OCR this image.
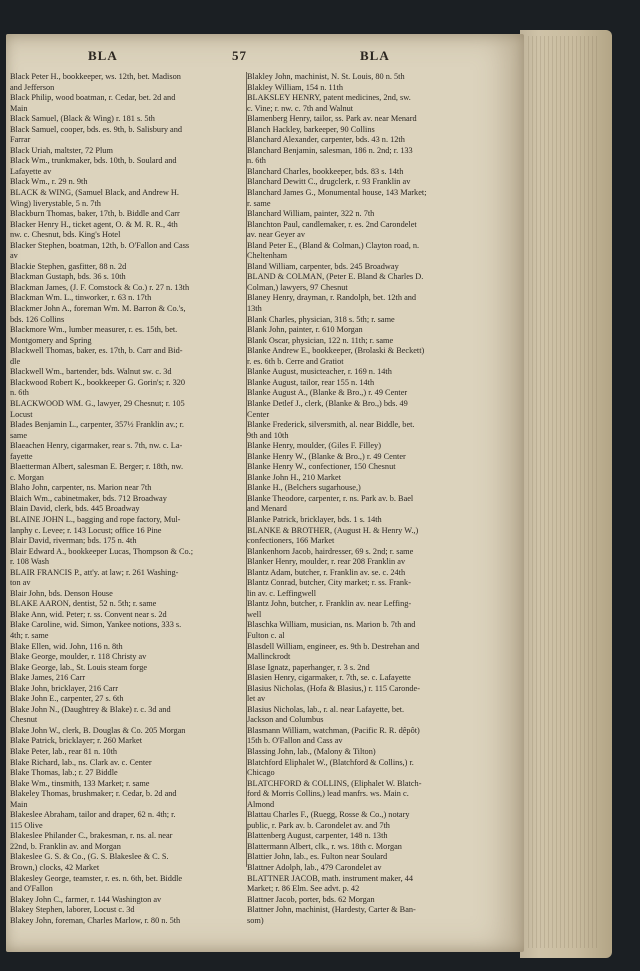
BLA	57	BLA
Black Peter H., bookkeeper, ws. 12th, bet. Madison
and Jefferson
Black Philip, wood boatman, r. Cedar, bet. 2d and
Main
Black Samuel, (Black & Wing) r. 181 s. 5th
Black Samuel, cooper, bds. es. 9th, b. Salisbury and
Farrar
Black Uriah, maltster, 72 Plum
Black Wm., trunkmaker, bds. 10th, b. Soulard and
Lafayette av
Black Wm., r. 29 n. 9th
BLACK & WING, (Samuel Black, and Andrew H.
Wing) liverystable, 5 n. 7th
Blackburn Thomas, baker, 17th, b. Biddle and Carr
Blacker Henry H., ticket agent, O. & M. R. R., 4th
nw. c. Chesnut, bds. King's Hotel
Blacker Stephen, boatman, 12th, b. O'Fallon and Cass
av
Blackie Stephen, gasfitter, 88 n. 2d
Blackman Gustaph, bds. 36 s. 10th
Blackman James, (J. F. Comstock & Co.) r. 27 n. 13th
Blackman Wm. L., tinworker, r. 63 n. 17th
Blackmer John A., foreman Wm. M. Barron & Co.'s,
bds. 126 Collins
Blackmore Wm., lumber measurer, r. es. 15th, bet.
Montgomery and Spring
Blackwell Thomas, baker, es. 17th, b. Carr and Bid-
dle
Blackwell Wm., bartender, bds. Walnut sw. c. 3d
Blackwood Robert K., bookkeeper G. Gorin's; r. 320
n. 6th
BLACKWOOD WM. G., lawyer, 29 Chesnut; r. 105
Locust
Blades Benjamin L., carpenter, 357½ Franklin av.; r.
same
Blaeachen Henry, cigarmaker, rear s. 7th, nw. c. La-
fayette
Blaetterman Albert, salesman E. Berger; r. 18th, nw.
c. Morgan
Blaho John, carpenter, ns. Marion near 7th
Blaich Wm., cabinetmaker, bds. 712 Broadway
Blain David, clerk, bds. 445 Broadway
BLAINE JOHN L., bagging and rope factory, Mul-
lanphy c. Levee; r. 143 Locust; office 16 Pine
Blair David, riverman; bds. 175 n. 4th
Blair Edward A., bookkeeper Lucas, Thompson & Co.;
r. 108 Wash
BLAIR FRANCIS P., att'y. at law; r. 261 Washing-
ton av
Blair John, bds. Denson House
BLAKE AARON, dentist, 52 n. 5th; r. same
Blake Ann, wid. Peter; r. ss. Convent near s. 2d
Blake Caroline, wid. Simon, Yankee notions, 333 s.
4th; r. same
Blake Ellen, wid. John, 116 n. 8th
Blake George, moulder, r. 118 Christy av
Blake George, lab., St. Louis steam forge
Blake James, 216 Carr
Blake John, bricklayer, 216 Carr
Blake John E., carpenter, 27 s. 6th
Blake John N., (Daughtrey & Blake) r. c. 3d and
Chesnut
Blake John W., clerk, B. Douglas & Co. 205 Morgan
Blake Patrick, bricklayer; r. 260 Market
Blake Peter, lab., rear 81 n. 10th
Blake Richard, lab., ns. Clark av. c. Center
Blake Thomas, lab.; r. 27 Biddle
Blake Wm., tinsmith, 133 Market; r. same
Blakeley Thomas, brushmaker; r. Cedar, b. 2d and
Main
Blakeslee Abraham, tailor and draper, 62 n. 4th; r.
115 Olive
Blakeslee Philander C., brakesman, r. ns. al. near
22nd, b. Franklin av. and Morgan
Blakeslee G. S. & Co., (G. S. Blakeslee & C. S.
Brown,) clocks, 42 Market
Blakesley George, teamster, r. es. n. 6th, bet. Biddle
and O'Fallon
Blakey John C., farmer, r. 144 Washington av
Blakey Stephen, laborer, Locust c. 3d
Blakey John, foreman, Charles Marlow, r. 80 n. 5th
Blakley John, machinist, N. St. Louis, 80 n. 5th
Blakley William, 154 n. 11th
BLAKSLEY HENRY, patent medicines, 2nd, sw.
c. Vine; r. nw. c. 7th and Walnut
Blamenberg Henry, tailor, ss. Park av. near Menard
Blanch Hackley, barkeeper, 90 Collins
Blanchard Alexander, carpenter, bds. 43 n. 12th
Blanchard Benjamin, salesman, 186 n. 2nd; r. 133
n. 6th
Blanchard Charles, bookkeeper, bds. 83 s. 14th
Blanchard Dewitt C., drugclerk, r. 93 Franklin av
Blanchard James G., Monumental house, 143 Market;
r. same
Blanchard William, painter, 322 n. 7th
Blanchton Paul, candlemaker, r. es. 2nd Carondelet
av. near Geyer av
Bland Peter E., (Bland & Colman,) Clayton road, n.
Cheltenham
Bland William, carpenter, bds. 245 Broadway
BLAND & COLMAN, (Peter E. Bland & Charles D.
Colman,) lawyers, 97 Chesnut
Blaney Henry, drayman, r. Randolph, bet. 12th and
13th
Blank Charles, physician, 318 s. 5th; r. same
Blank John, painter, r. 610 Morgan
Blank Oscar, physician, 122 n. 11th; r. same
Blanke Andrew E., bookkeeper, (Brolaski & Beckett)
r. es. 6th b. Cerre and Gratiot
Blanke August, musicteacher, r. 169 n. 14th
Blanke August, tailor, rear 155 n. 14th
Blanke August A., (Blanke & Bro.,) r. 49 Center
Blanke Detlef J., clerk, (Blanke & Bro.,) bds. 49
Center
Blanke Frederick, silversmith, al. near Biddle, bet.
9th and 10th
Blanke Henry, moulder, (Giles F. Filley)
Blanke Henry W., (Blanke & Bro.,) r. 49 Center
Blanke Henry W., confectioner, 150 Chesnut
Blanke John H., 210 Market
Blanke H., (Belchers sugarhouse,)
Blanke Theodore, carpenter, r. ns. Park av. b. Bael
and Menard
Blanke Patrick, bricklayer, bds. 1 s. 14th
BLANKE & BROTHER, (August H. & Henry W.,)
confectioners, 166 Market
Blankenhorn Jacob, hairdresser, 69 s. 2nd; r. same
Blanker Henry, moulder, r. rear 208 Franklin av
Blantz Adam, butcher, r. Franklin av. se. c. 24th
Blantz Conrad, butcher, City market; r. ss. Frank-
lin av. c. Leffingwell
Blantz John, butcher, r. Franklin av. near Leffing-
well
Blaschka William, musician, ns. Marion b. 7th and
Fulton c. al
Blasdell William, engineer, es. 9th b. Destrehan and
Mallinckrodt
Blase Ignatz, paperhanger, r. 3 s. 2nd
Blasien Henry, cigarmaker, r. 7th, se. c. Lafayette
Blasius Nicholas, (Hofa & Blasius,) r. 115 Caronde-
let av
Blasius Nicholas, lab., r. al. near Lafayette, bet.
Jackson and Columbus
Blasmann William, watchman, (Pacific R. R. dêpôt)
15th b. O'Fallon and Cass av
Blassing John, lab., (Malony & Tilton)
Blatchford Eliphalet W., (Blatchford & Collins,) r.
Chicago
BLATCHFORD & COLLINS, (Eliphalet W. Blatch-
ford & Morris Collins,) lead manfrs. ws. Main c.
Almond
Blattau Charles F., (Ruegg, Rosse & Co.,) notary
public, r. Park av. b. Carondelet av. and 7th
Blattenberg August, carpenter, 148 n. 13th
Blattermann Albert, clk., r. ws. 18th c. Morgan
Blattier John, lab., es. Fulton near Soulard
Blattner Adolph, lab., 479 Carondelet av
BLATTNER JACOB, math. instrument maker, 44
Market; r. 86 Elm. See advt. p. 42
Blattner Jacob, porter, bds. 62 Morgan
Blattner John, machinist, (Hardesty, Carter & Ban-
som)
